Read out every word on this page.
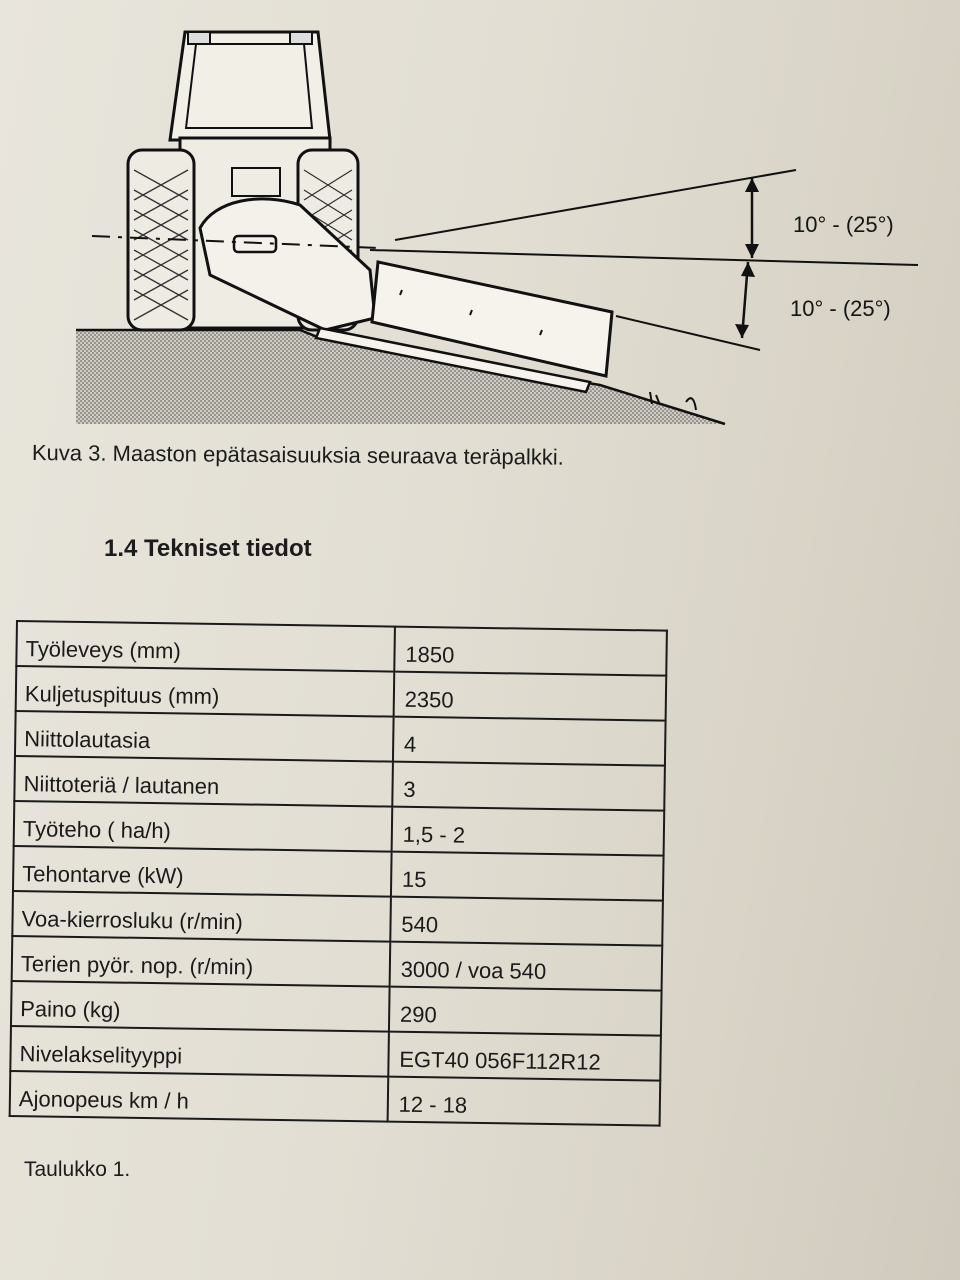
10° - (25°)
10° - (25°)
Kuva 3. Maaston epätasaisuuksia seuraava teräpalkki.
1.4 Tekniset tiedot
Työleveys (mm)	1850
Kuljetuspituus (mm)	2350
Niittolautasia	4
Niittoteriä / lautanen	3
Työteho ( ha/h)	1,5 - 2
Tehontarve (kW)	15
Voa-kierrosluku (r/min)	540
Terien pyör. nop. (r/min)	3000 / voa 540
Paino (kg)	290
Nivelakselityyppi	EGT40 056F112R12
Ajonopeus km / h	12 - 18
Taulukko 1.
